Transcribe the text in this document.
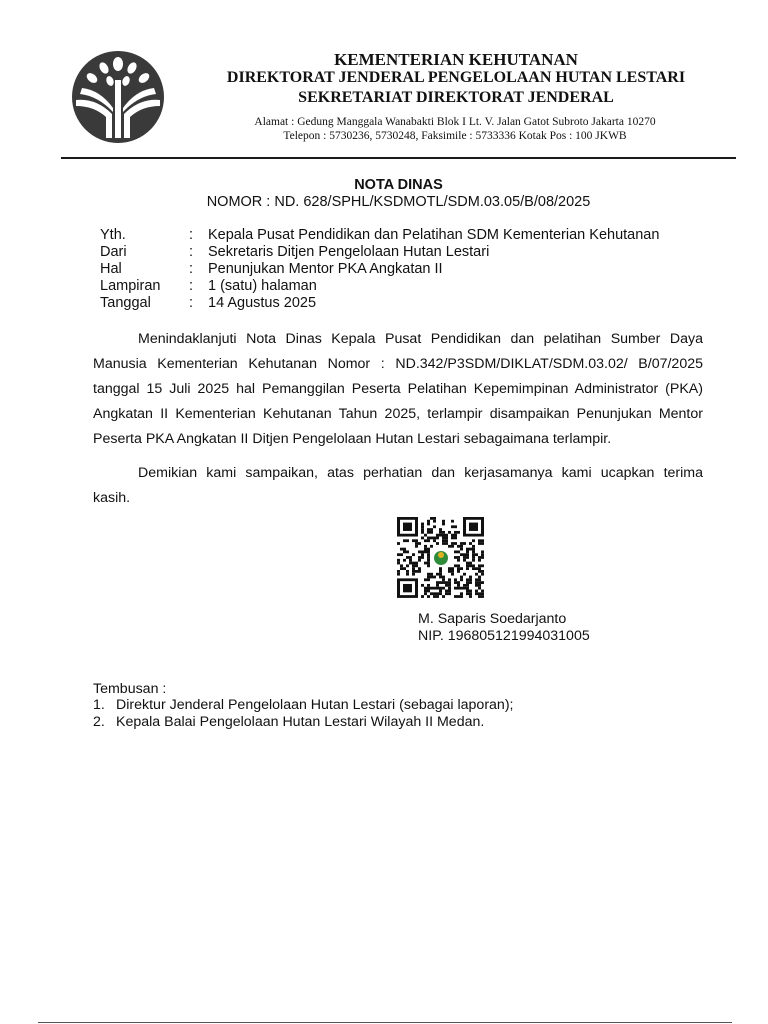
KEMENTERIAN KEHUTANAN
DIREKTORAT JENDERAL PENGELOLAAN HUTAN LESTARI
SEKRETARIAT DIREKTORAT JENDERAL
Alamat : Gedung Manggala Wanabakti Blok I Lt. V. Jalan Gatot Subroto Jakarta 10270
Telepon : 5730236, 5730248, Faksimile : 5733336 Kotak Pos : 100 JKWB
NOTA DINAS
NOMOR : ND. 628/SPHL/KSDMOTL/SDM.03.05/B/08/2025
Yth.	: Kepala Pusat Pendidikan dan Pelatihan SDM Kementerian Kehutanan
Dari	: Sekretaris Ditjen Pengelolaan Hutan Lestari
Hal	: Penunjukan Mentor PKA Angkatan II
Lampiran : 1 (satu) halaman
Tanggal	: 14 Agustus 2025
Menindaklanjuti Nota Dinas Kepala Pusat Pendidikan dan pelatihan Sumber Daya
Manusia Kementerian Kehutanan Nomor : ND.342/P3SDM/DIKLAT/SDM.03.02/ B/07/2025
tanggal 15 Juli 2025 hal Pemanggilan Peserta Pelatihan Kepemimpinan Administrator (PKA)
Angkatan II Kementerian Kehutanan Tahun 2025, terlampir disampaikan Penunjukan Mentor
Peserta PKA Angkatan II Ditjen Pengelolaan Hutan Lestari sebagaimana terlampir.
Demikian kami sampaikan, atas perhatian dan kerjasamanya kami ucapkan terima
kasih.
M. Saparis Soedarjanto
NIP. 196805121994031005
Tembusan :
1. Direktur Jenderal Pengelolaan Hutan Lestari (sebagai laporan);
2. Kepala Balai Pengelolaan Hutan Lestari Wilayah II Medan.
